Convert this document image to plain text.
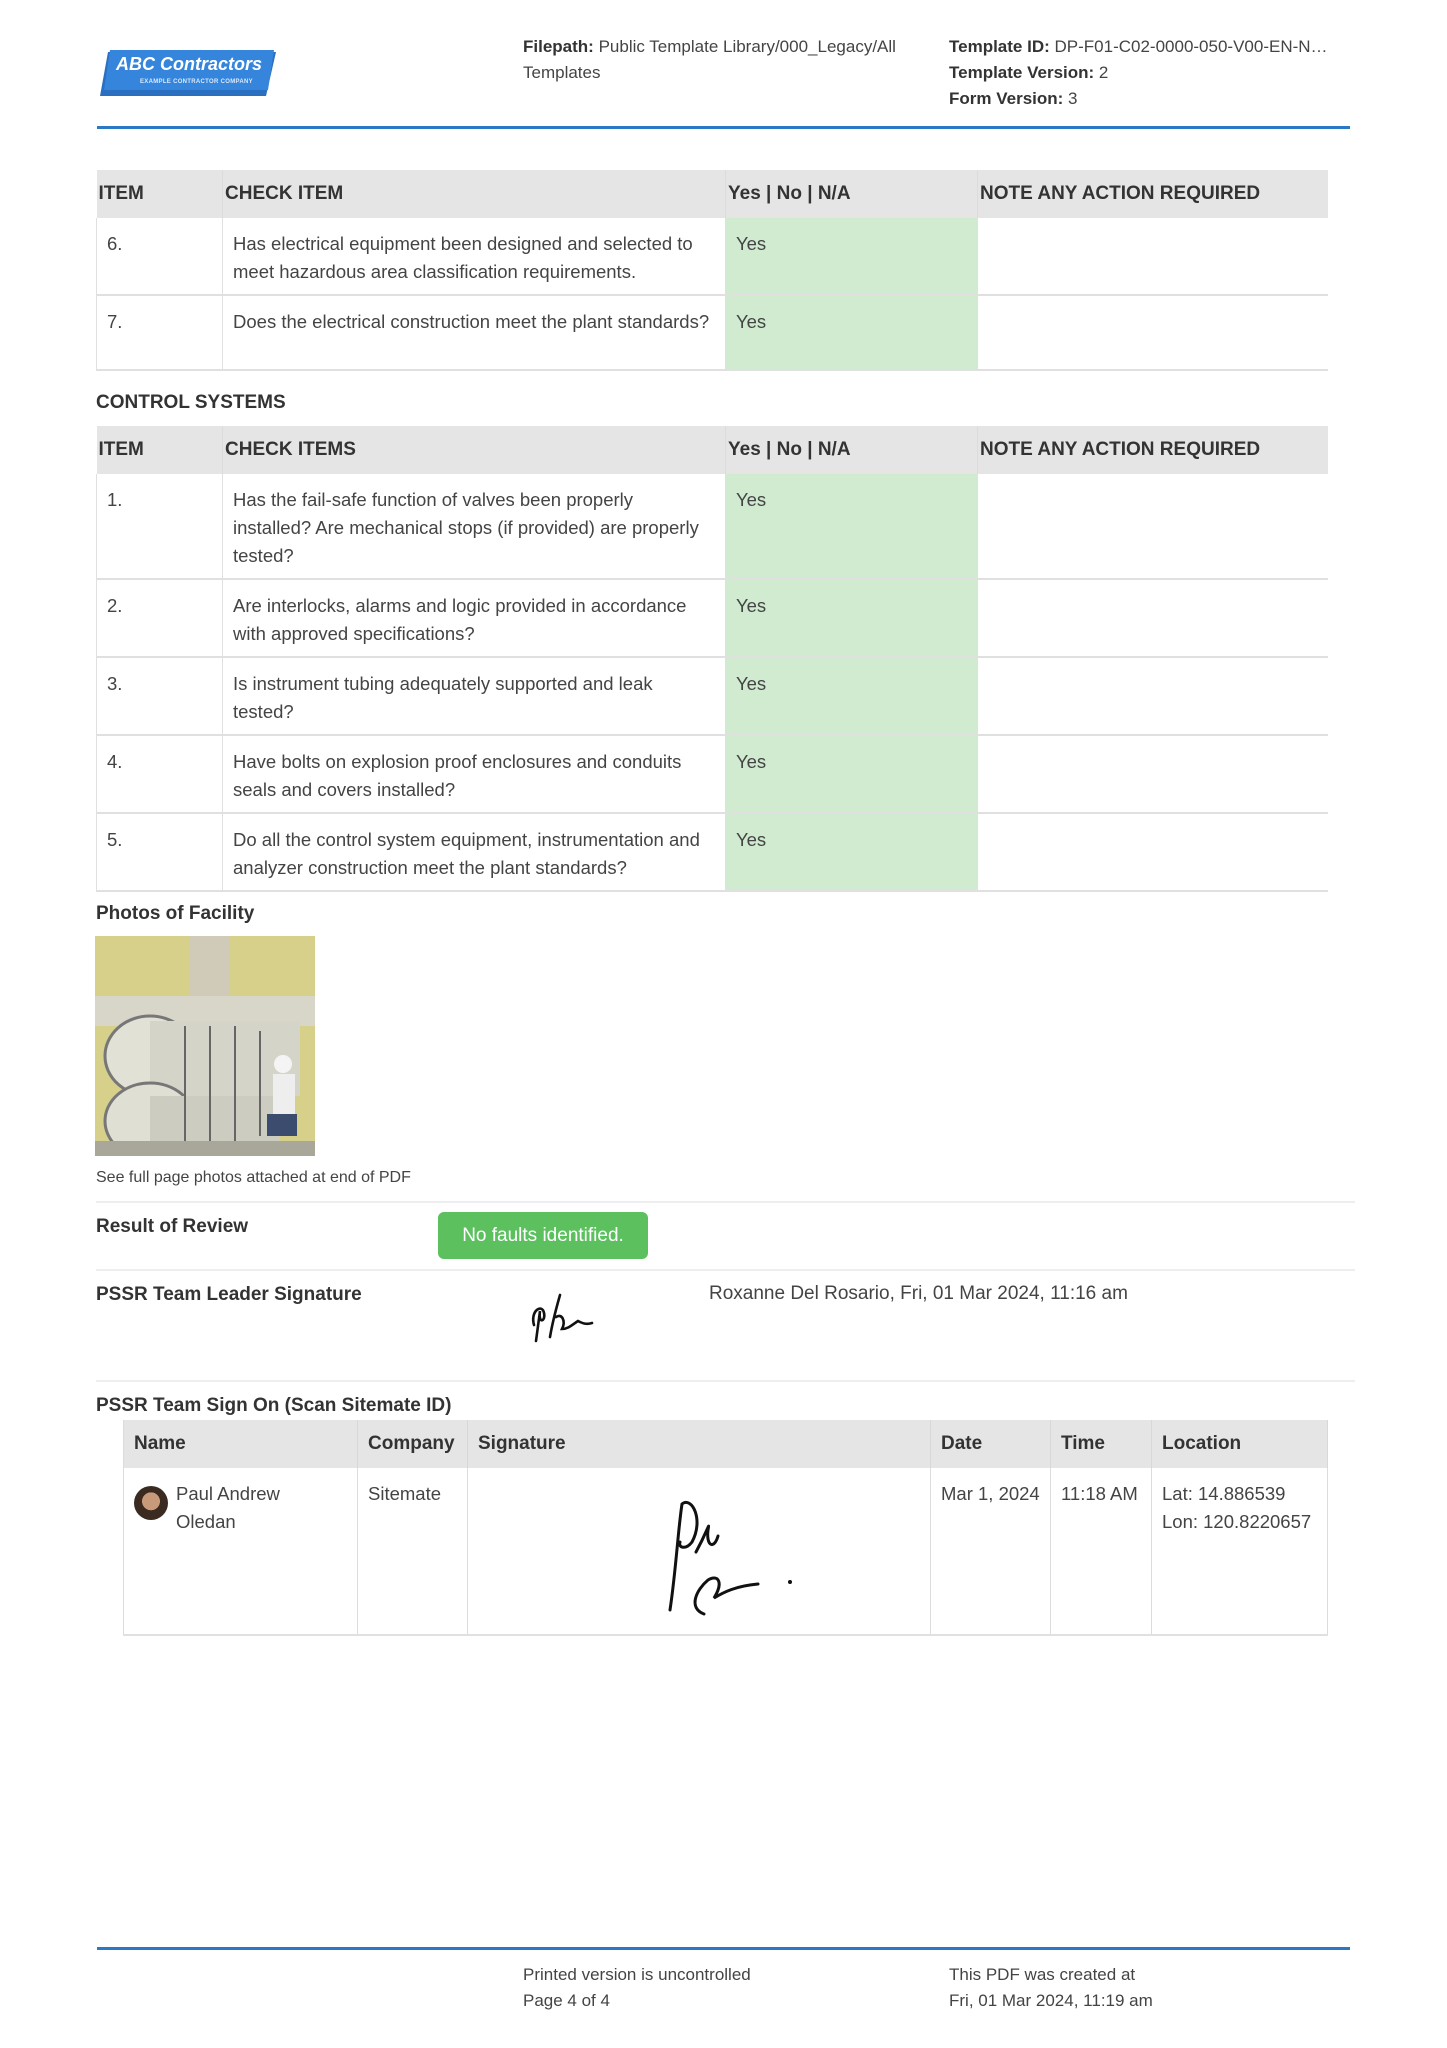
ABC Contractors
EXAMPLE CONTRACTOR COMPANY
Filepath: Public Template Library/000_Legacy/All
Templates
Template ID: DP-F01-C02-0000-050-V00-EN-N…
Template Version: 2
Form Version: 3
ITEM	CHECK ITEM	Yes | No | N/A	NOTE ANY ACTION REQUIRED
6.	Has electrical equipment been designed and selected to meet hazardous area classification requirements.	Yes	
7.	Does the electrical construction meet the plant standards?	Yes	
CONTROL SYSTEMS
ITEM	CHECK ITEMS	Yes | No | N/A	NOTE ANY ACTION REQUIRED
1.	Has the fail-safe function of valves been properly installed? Are mechanical stops (if provided) are properly tested?	Yes	
2.	Are interlocks, alarms and logic provided in accordance with approved specifications?	Yes	
3.	Is instrument tubing adequately supported and leak tested?	Yes	
4.	Have bolts on explosion proof enclosures and conduits seals and covers installed?	Yes	
5.	Do all the control system equipment, instrumentation and analyzer construction meet the plant standards?	Yes	
Photos of Facility
See full page photos attached at end of PDF
Result of Review	No faults identified.
PSSR Team Leader Signature	Roxanne Del Rosario, Fri, 01 Mar 2024, 11:16 am
PSSR Team Sign On (Scan Sitemate ID)
Name	Company	Signature	Date	Time	Location

Paul Andrew Oledan	Sitemate		Mar 1, 2024	11:18 AM	Lat: 14.886539
Lon: 120.8220657
Printed version is uncontrolled
Page 4 of 4
This PDF was created at
Fri, 01 Mar 2024, 11:19 am
